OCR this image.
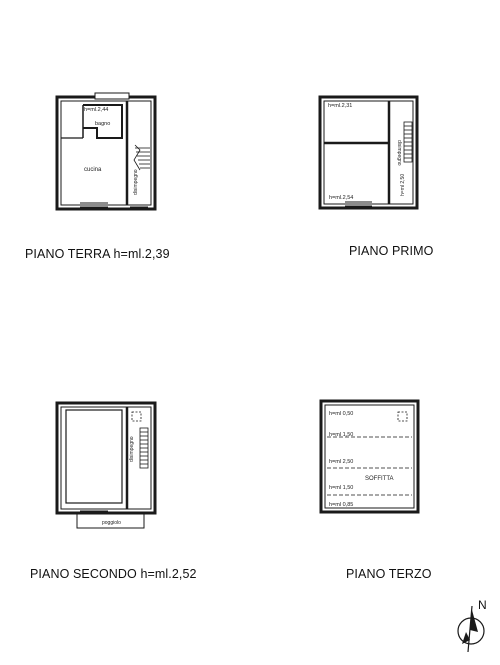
h=ml.2,44
bagno
cucina	disimpegno
h=ml.2,31
h=ml.2,54
disimpegno
h=ml 2,50
disimpegno
poggiolo
h=ml 0,50
h=ml 1,50
h=ml 2,50
SOFFITTA
h=ml 1,50
h=ml 0,85
PIANO TERRA h=ml.2,39	PIANO PRIMO
PIANO SECONDO h=ml.2,52	PIANO TERZO
N
